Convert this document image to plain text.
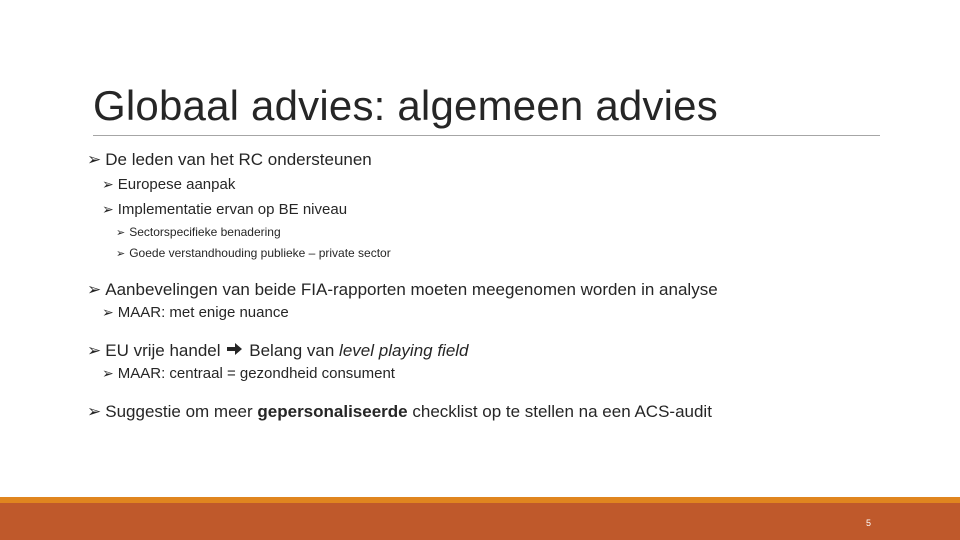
Globaal advies: algemeen advies
➢ De leden van het RC ondersteunen
➢ Europese aanpak
➢ Implementatie ervan op BE niveau
➢ Sectorspecifieke benadering
➢ Goede verstandhouding publieke – private sector
➢ Aanbevelingen van beide FIA-rapporten moeten meegenomen worden in analyse
➢ MAAR: met enige nuance
➢ EU vrije handel Belang van level playing field
➢ MAAR: centraal = gezondheid consument
➢ Suggestie om meer gepersonaliseerde checklist op te stellen na een ACS-audit
5
